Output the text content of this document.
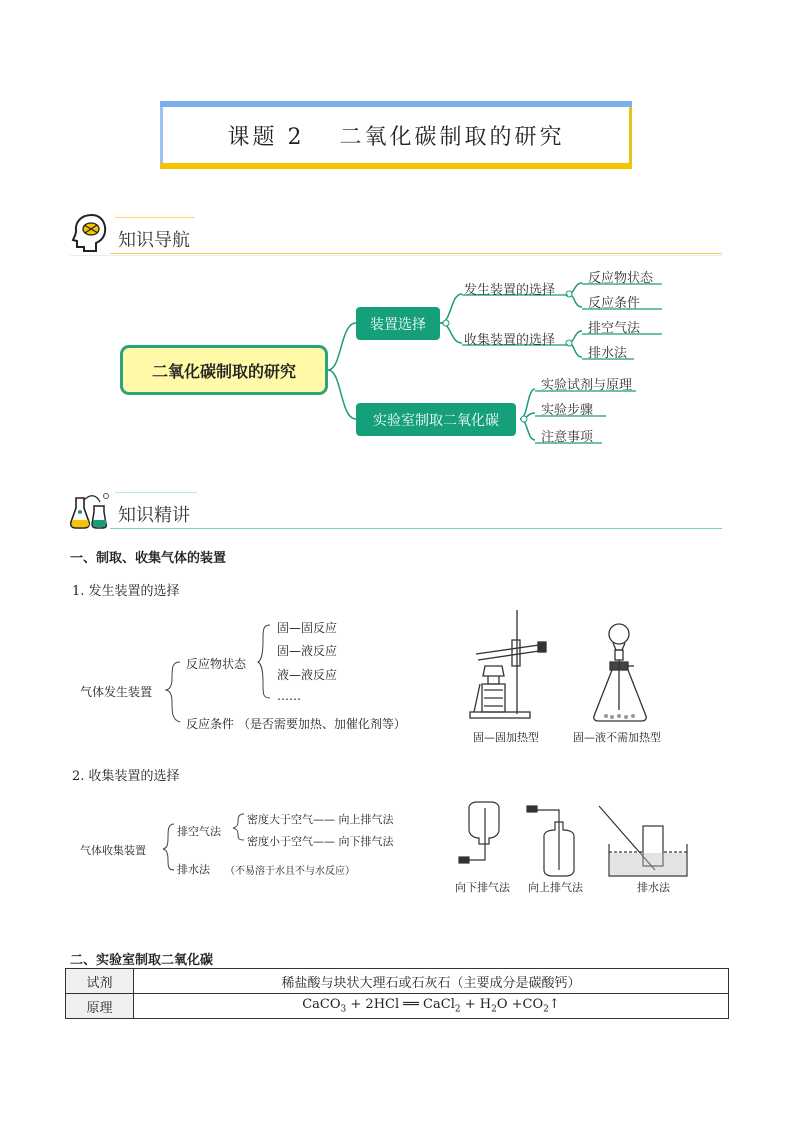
课题 2　 二氧化碳制取的研究
知识导航
二氧化碳制取的研究
装置选择
实验室制取二氧化碳
发生装置的选择
收集装置的选择
反应物状态
反应条件
排空气法
排水法
实验试剂与原理
实验步骤
注意事项
知识精讲
一、制取、收集气体的装置
1. 发生装置的选择
气体发生装置
反应物状态
固—固反应
固—液反应
液—液反应
……
反应条件 （是否需要加热、加催化剂等）
固—固加热型	固—液不需加热型
2. 收集装置的选择
气体收集装置
排空气法
密度大于空气—— 向上排气法
密度小于空气—— 向下排气法
排水法 （不易溶于水且不与水反应）
向下排气法 向上排气法	排水法
二、实验室制取二氧化碳
试剂	稀盐酸与块状大理石或石灰石（主要成分是碳酸钙）
原理	CaCO$_3$ + 2HCl ══ CaCl$_2$ + $H_2O$ $+CO_2↑$
